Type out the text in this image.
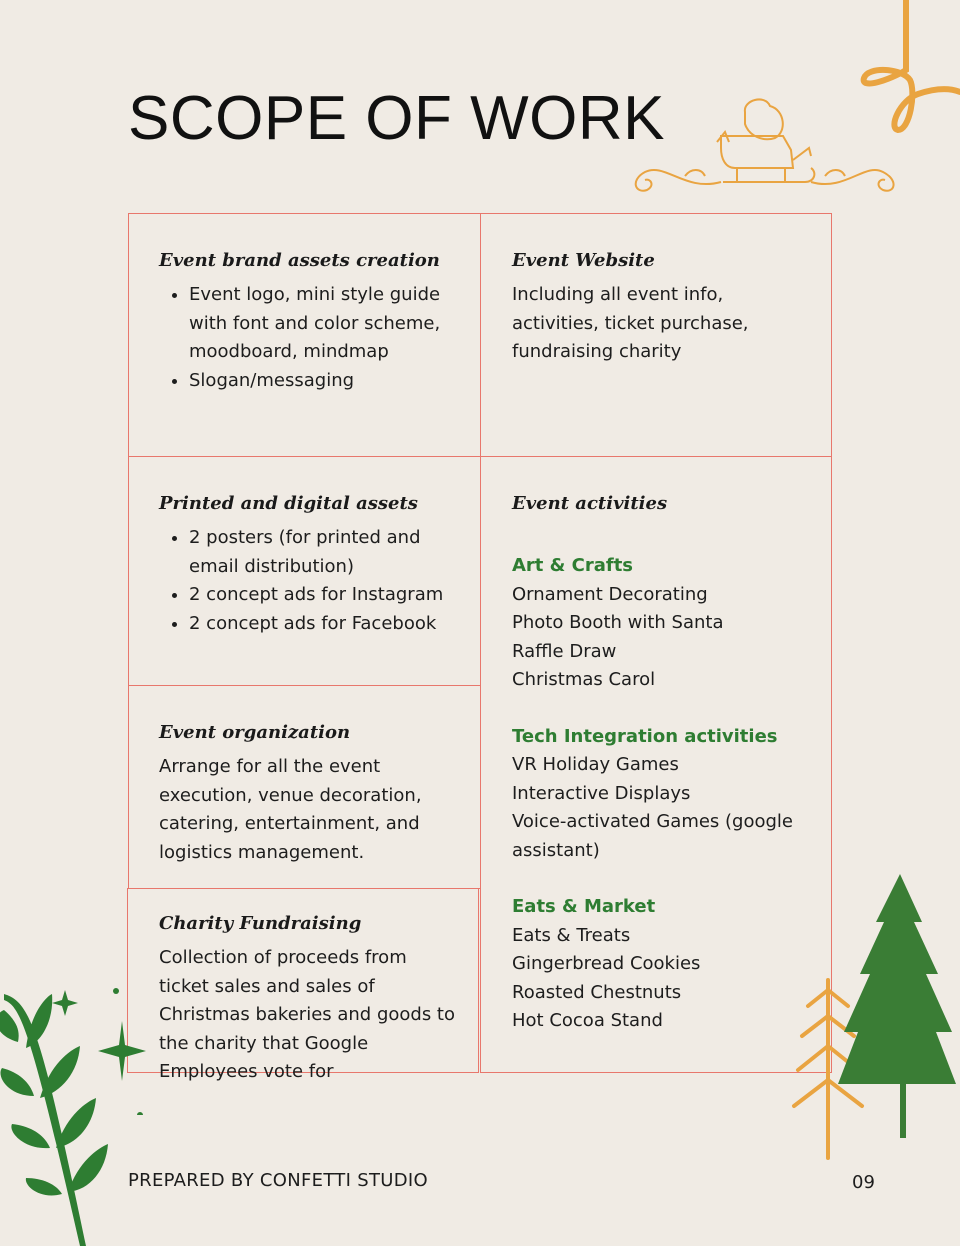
SCOPE OF WORK
Event brand assets creation
• Event logo, mini style guide with font and color scheme, moodboard, mindmap
• Slogan/messaging
Event Website

Including all event info, activities, ticket purchase, fundraising charity

Printed and digital assets
• 2 posters (for printed and email distribution)
• 2 concept ads for Instagram
• 2 concept ads for Facebook
Event activities
Art & Crafts
Ornament Decorating
Photo Booth with Santa
Raffle Draw
Christmas Carol
Tech Integration activities
VR Holiday Games
Interactive Displays
Voice-activated Games (google assistant)
Eats & Market
Eats & Treats
Gingerbread Cookies
Roasted Chestnuts
Hot Cocoa Stand
Event organization

Arrange for all the event execution, venue decoration, catering, entertainment, and logistics management.

Charity Fundraising

Collection of proceeds from ticket sales and sales of Christmas bakeries and goods to the charity that Google Employees vote for

PREPARED BY CONFETTI STUDIO	09
